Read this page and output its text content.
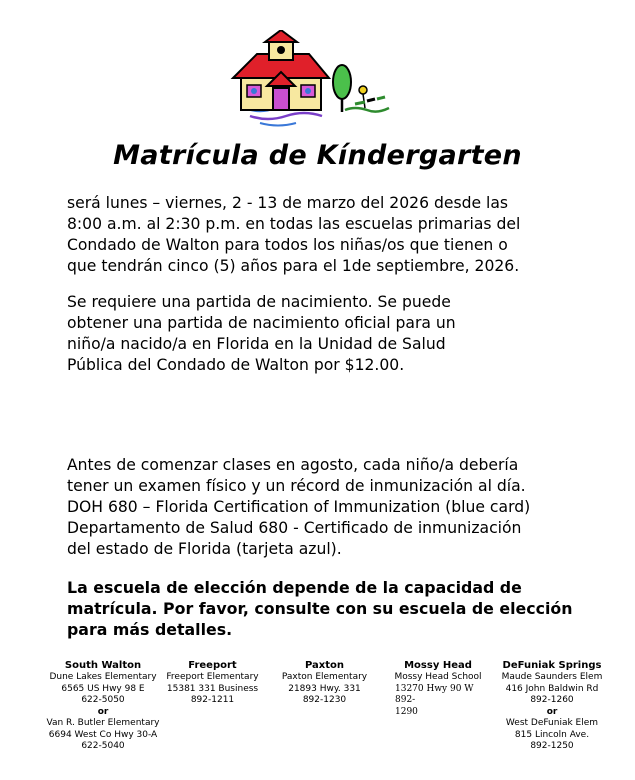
Matrícula de Kíndergarten

será lunes – viernes, 2 - 13 de marzo del 2026 desde las

8:00 a.m. al 2:30 p.m. en todas las escuelas primarias del

Condado de Walton para todos los niñas/os que tienen o

que tendrán cinco (5) años para el 1de septiembre, 2026.

Se requiere una partida de nacimiento. Se puede

obtener una partida de nacimiento oficial para un

niño/a nacido/a en Florida en la Unidad de Salud

Pública del Condado de Walton por $12.00.

Antes de comenzar clases en agosto, cada niño/a debería

tener un examen físico y un récord de inmunización al día.

DOH 680 – Florida Certification of Immunization (blue card)

Departamento de Salud 680 - Certificado de inmunización

del estado de Florida (tarjeta azul).

La escuela de elección depende de la capacidad de

matrícula. Por favor, consulte con su escuela de elección

para más detalles.

South Walton
Dune Lakes Elementary
6565 US Hwy 98 E
622-5050
or
Van R. Butler Elementary
6694 West Co Hwy 30-A
622-5040
Freeport
Freeport Elementary
15381 331 Business
892-1211
Paxton
Paxton Elementary
21893 Hwy. 331
892-1230
Mossy Head
Mossy Head School
13270 Hwy 90 W 892-
1290
DeFuniak Springs
Maude Saunders Elem
416 John Baldwin Rd
892-1260
or
West DeFuniak Elem
815 Lincoln Ave.
892-1250
